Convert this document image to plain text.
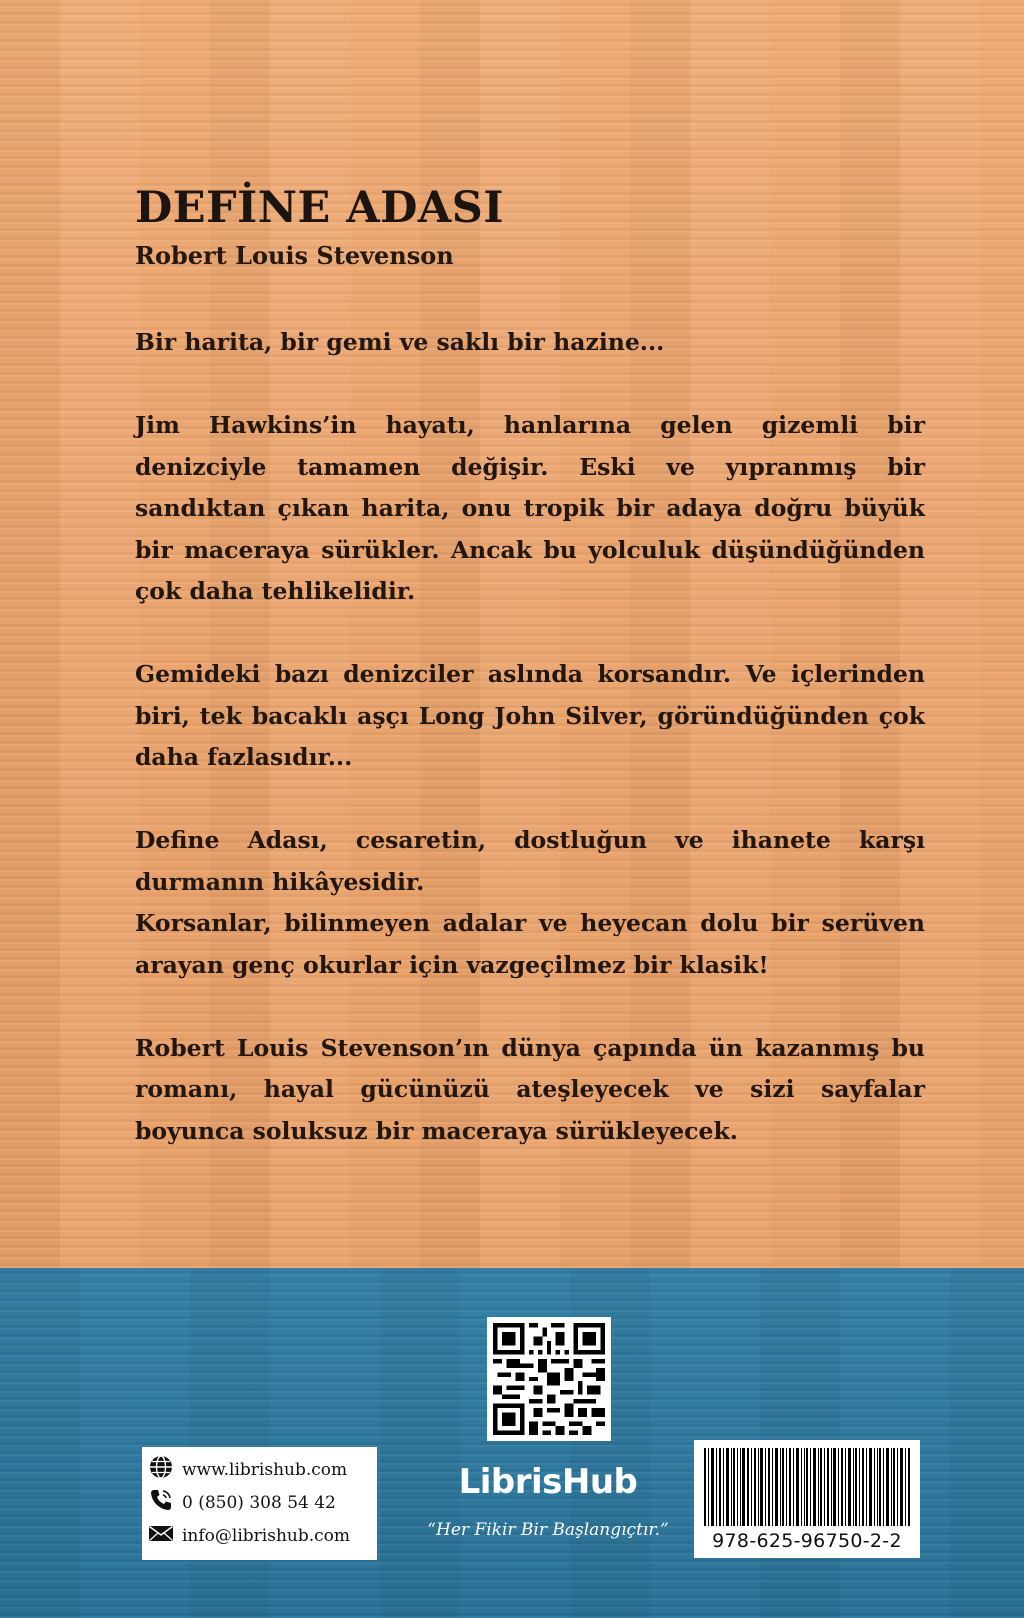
DEFİNE ADASI
Robert Louis Stevenson

Bir harita, bir gemi ve saklı bir hazine...

Jim Hawkins’in hayatı, hanlarına gelen gizemli bir denizciyle tamamen değişir. Eski ve yıpranmış bir sandıktan çıkan harita, onu tropik bir adaya doğru büyük bir maceraya sürükler. Ancak bu yolculuk düşündüğünden çok daha tehlikelidir.

Gemideki bazı denizciler aslında korsandır. Ve içlerinden biri, tek bacaklı aşçı Long John Silver, göründüğünden çok daha fazlasıdır...

Define Adası, cesaretin, dostluğun ve ihanete karşı durmanın hikâyesidir.

Korsanlar, bilinmeyen adalar ve heyecan dolu bir serüven arayan genç okurlar için vazgeçilmez bir klasik!

Robert Louis Stevenson’ın dünya çapında ün kazanmış bu romanı, hayal gücünüzü ateşleyecek ve sizi sayfalar boyunca soluksuz bir maceraya sürükleyecek.

www.librishub.com
0 (850) 308 54 42
info@librishub.com
LibrisHub
“Her Fikir Bir Başlangıçtır.”	978-625-96750-2-2
